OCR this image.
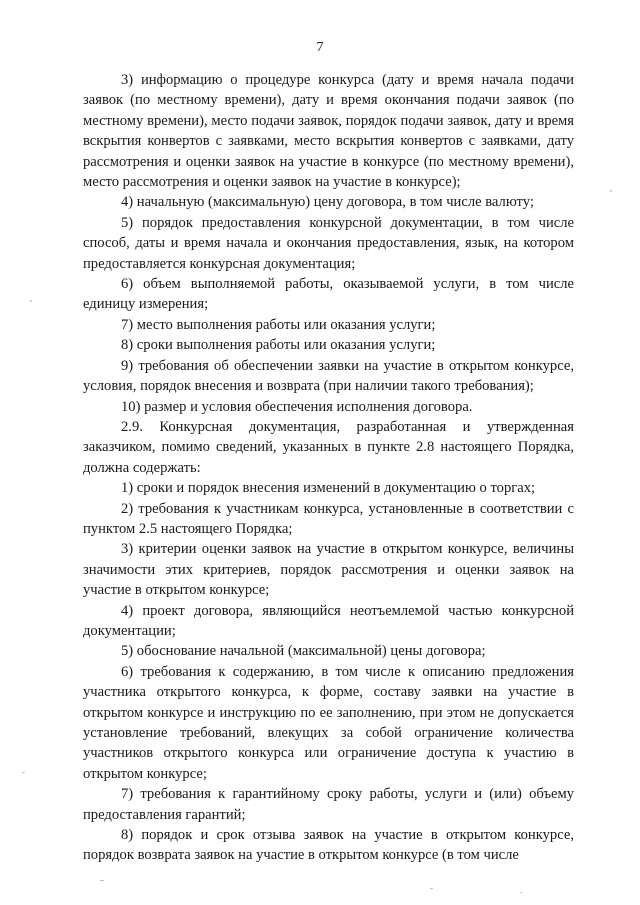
7

3) информацию о процедуре конкурса (дату и время начала подачи заявок (по местному времени), дату и время окончания подачи заявок (по местному времени), место подачи заявок, порядок подачи заявок, дату и время вскрытия конвертов с заявками, место вскрытия конвертов с заявками, дату рассмотрения и оценки заявок на участие в конкурсе (по местному времени), место рассмотрения и оценки заявок на участие в конкурсе);

4) начальную (максимальную) цену договора, в том числе валюту;

5) порядок предоставления конкурсной документации, в том числе способ, даты и время начала и окончания предоставления, язык, на котором предоставляется конкурсная документация;

6) объем выполняемой работы, оказываемой услуги, в том числе единицу измерения;

7) место выполнения работы или оказания услуги;

8) сроки выполнения работы или оказания услуги;

9) требования об обеспечении заявки на участие в открытом конкурсе, условия, порядок внесения и возврата (при наличии такого требования);

10) размер и условия обеспечения исполнения договора.

2.9. Конкурсная документация, разработанная и утвержденная заказчиком, помимо сведений, указанных в пункте 2.8 настоящего Порядка, должна содержать:

1) сроки и порядок внесения изменений в документацию о торгах;

2) требования к участникам конкурса, установленные в соответствии с пунктом 2.5 настоящего Порядка;

3) критерии оценки заявок на участие в открытом конкурсе, величины значимости этих критериев, порядок рассмотрения и оценки заявок на участие в открытом конкурсе;

4) проект договора, являющийся неотъемлемой частью конкурсной документации;

5) обоснование начальной (максимальной) цены договора;

6) требования к содержанию, в том числе к описанию предложения участника открытого конкурса, к форме, составу заявки на участие в открытом конкурсе и инструкцию по ее заполнению, при этом не допускается установление требований, влекущих за собой ограничение количества участников открытого конкурса или ограничение доступа к участию в открытом конкурсе;

7) требования к гарантийному сроку работы, услуги и (или) объему предоставления гарантий;

8) порядок и срок отзыва заявок на участие в открытом конкурсе, порядок возврата заявок на участие в открытом конкурсе (в том числе
